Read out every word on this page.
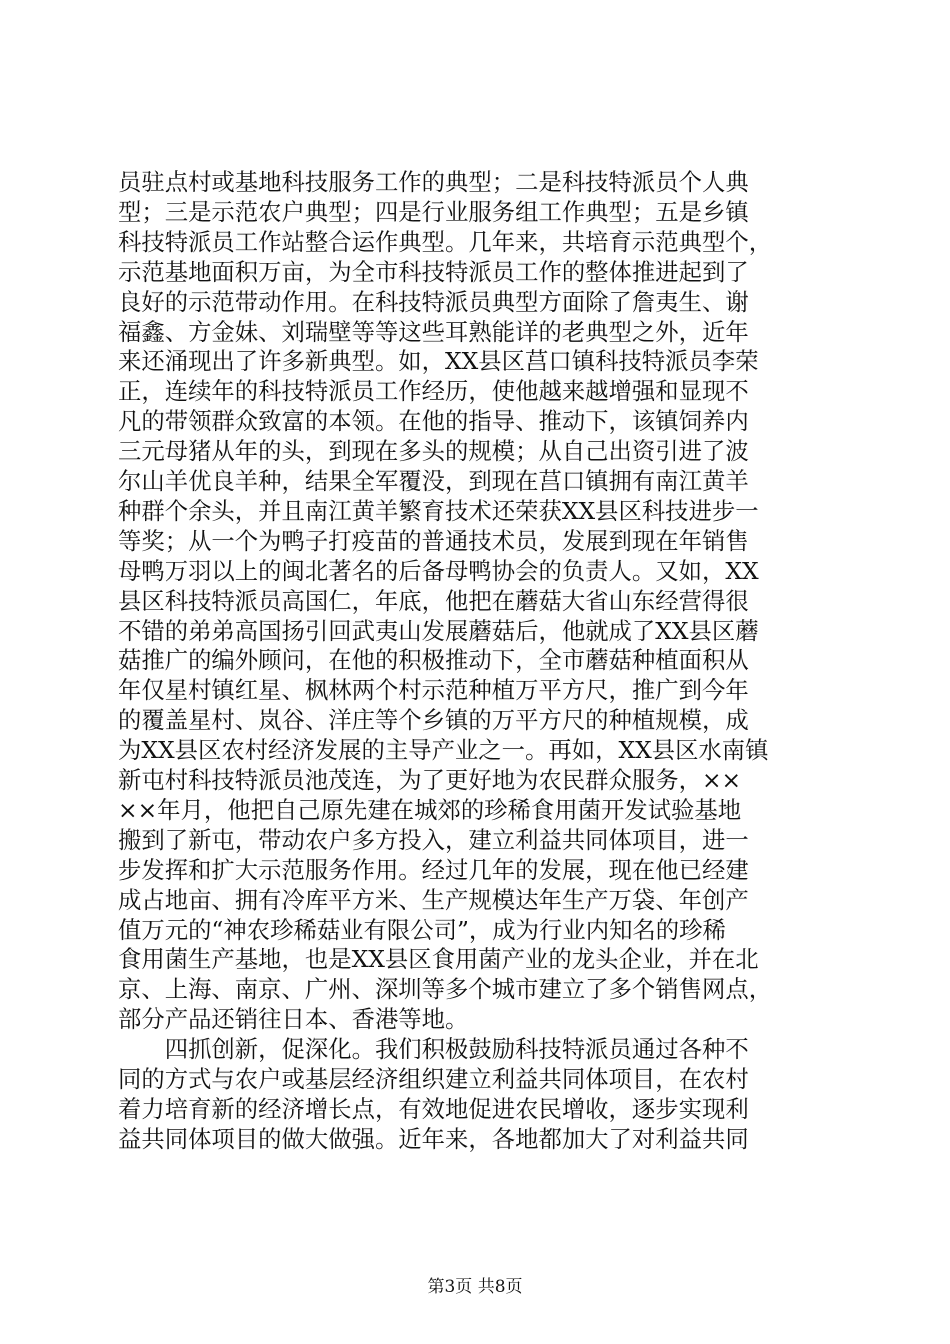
员驻点村或基地科技服务工作的典型；二是科技特派员个人典
型；三是示范农户典型；四是行业服务组工作典型；五是乡镇
科技特派员工作站整合运作典型。几年来，共培育示范典型个，
示范基地面积万亩，为全市科技特派员工作的整体推进起到了
良好的示范带动作用。在科技特派员典型方面除了詹夷生、谢
福鑫、方金妹、刘瑞壁等等这些耳熟能详的老典型之外，近年
来还涌现出了许多新典型。如，XX县区莒口镇科技特派员李荣
正，连续年的科技特派员工作经历，使他越来越增强和显现不
凡的带领群众致富的本领。在他的指导、推动下，该镇饲养内
三元母猪从年的头，到现在多头的规模；从自己出资引进了波
尔山羊优良羊种，结果全军覆没，到现在莒口镇拥有南江黄羊
种群个余头，并且南江黄羊繁育技术还荣获XX县区科技进步一
等奖；从一个为鸭子打疫苗的普通技术员，发展到现在年销售
母鸭万羽以上的闽北著名的后备母鸭协会的负责人。又如，XX
县区科技特派员高国仁，年底，他把在蘑菇大省山东经营得很
不错的弟弟高国扬引回武夷山发展蘑菇后，他就成了XX县区蘑
菇推广的编外顾问，在他的积极推动下，全市蘑菇种植面积从
年仅星村镇红星、枫林两个村示范种植万平方尺，推广到今年
的覆盖星村、岚谷、洋庄等个乡镇的万平方尺的种植规模，成
为XX县区农村经济发展的主导产业之一。再如，XX县区水南镇
新屯村科技特派员池茂连，为了更好地为农民群众服务，××
××年月，他把自己原先建在城郊的珍稀食用菌开发试验基地
搬到了新屯，带动农户多方投入，建立利益共同体项目，进一
步发挥和扩大示范服务作用。经过几年的发展，现在他已经建
成占地亩、拥有冷库平方米、生产规模达年生产万袋、年创产
值万元的“神农珍稀菇业有限公司”，成为行业内知名的珍稀
食用菌生产基地，也是XX县区食用菌产业的龙头企业，并在北
京、上海、南京、广州、深圳等多个城市建立了多个销售网点，
部分产品还销往日本、香港等地。
　　四抓创新，促深化。我们积极鼓励科技特派员通过各种不
同的方式与农户或基层经济组织建立利益共同体项目，在农村
着力培育新的经济增长点，有效地促进农民增收，逐步实现利
益共同体项目的做大做强。近年来，各地都加大了对利益共同
第3页 共8页
